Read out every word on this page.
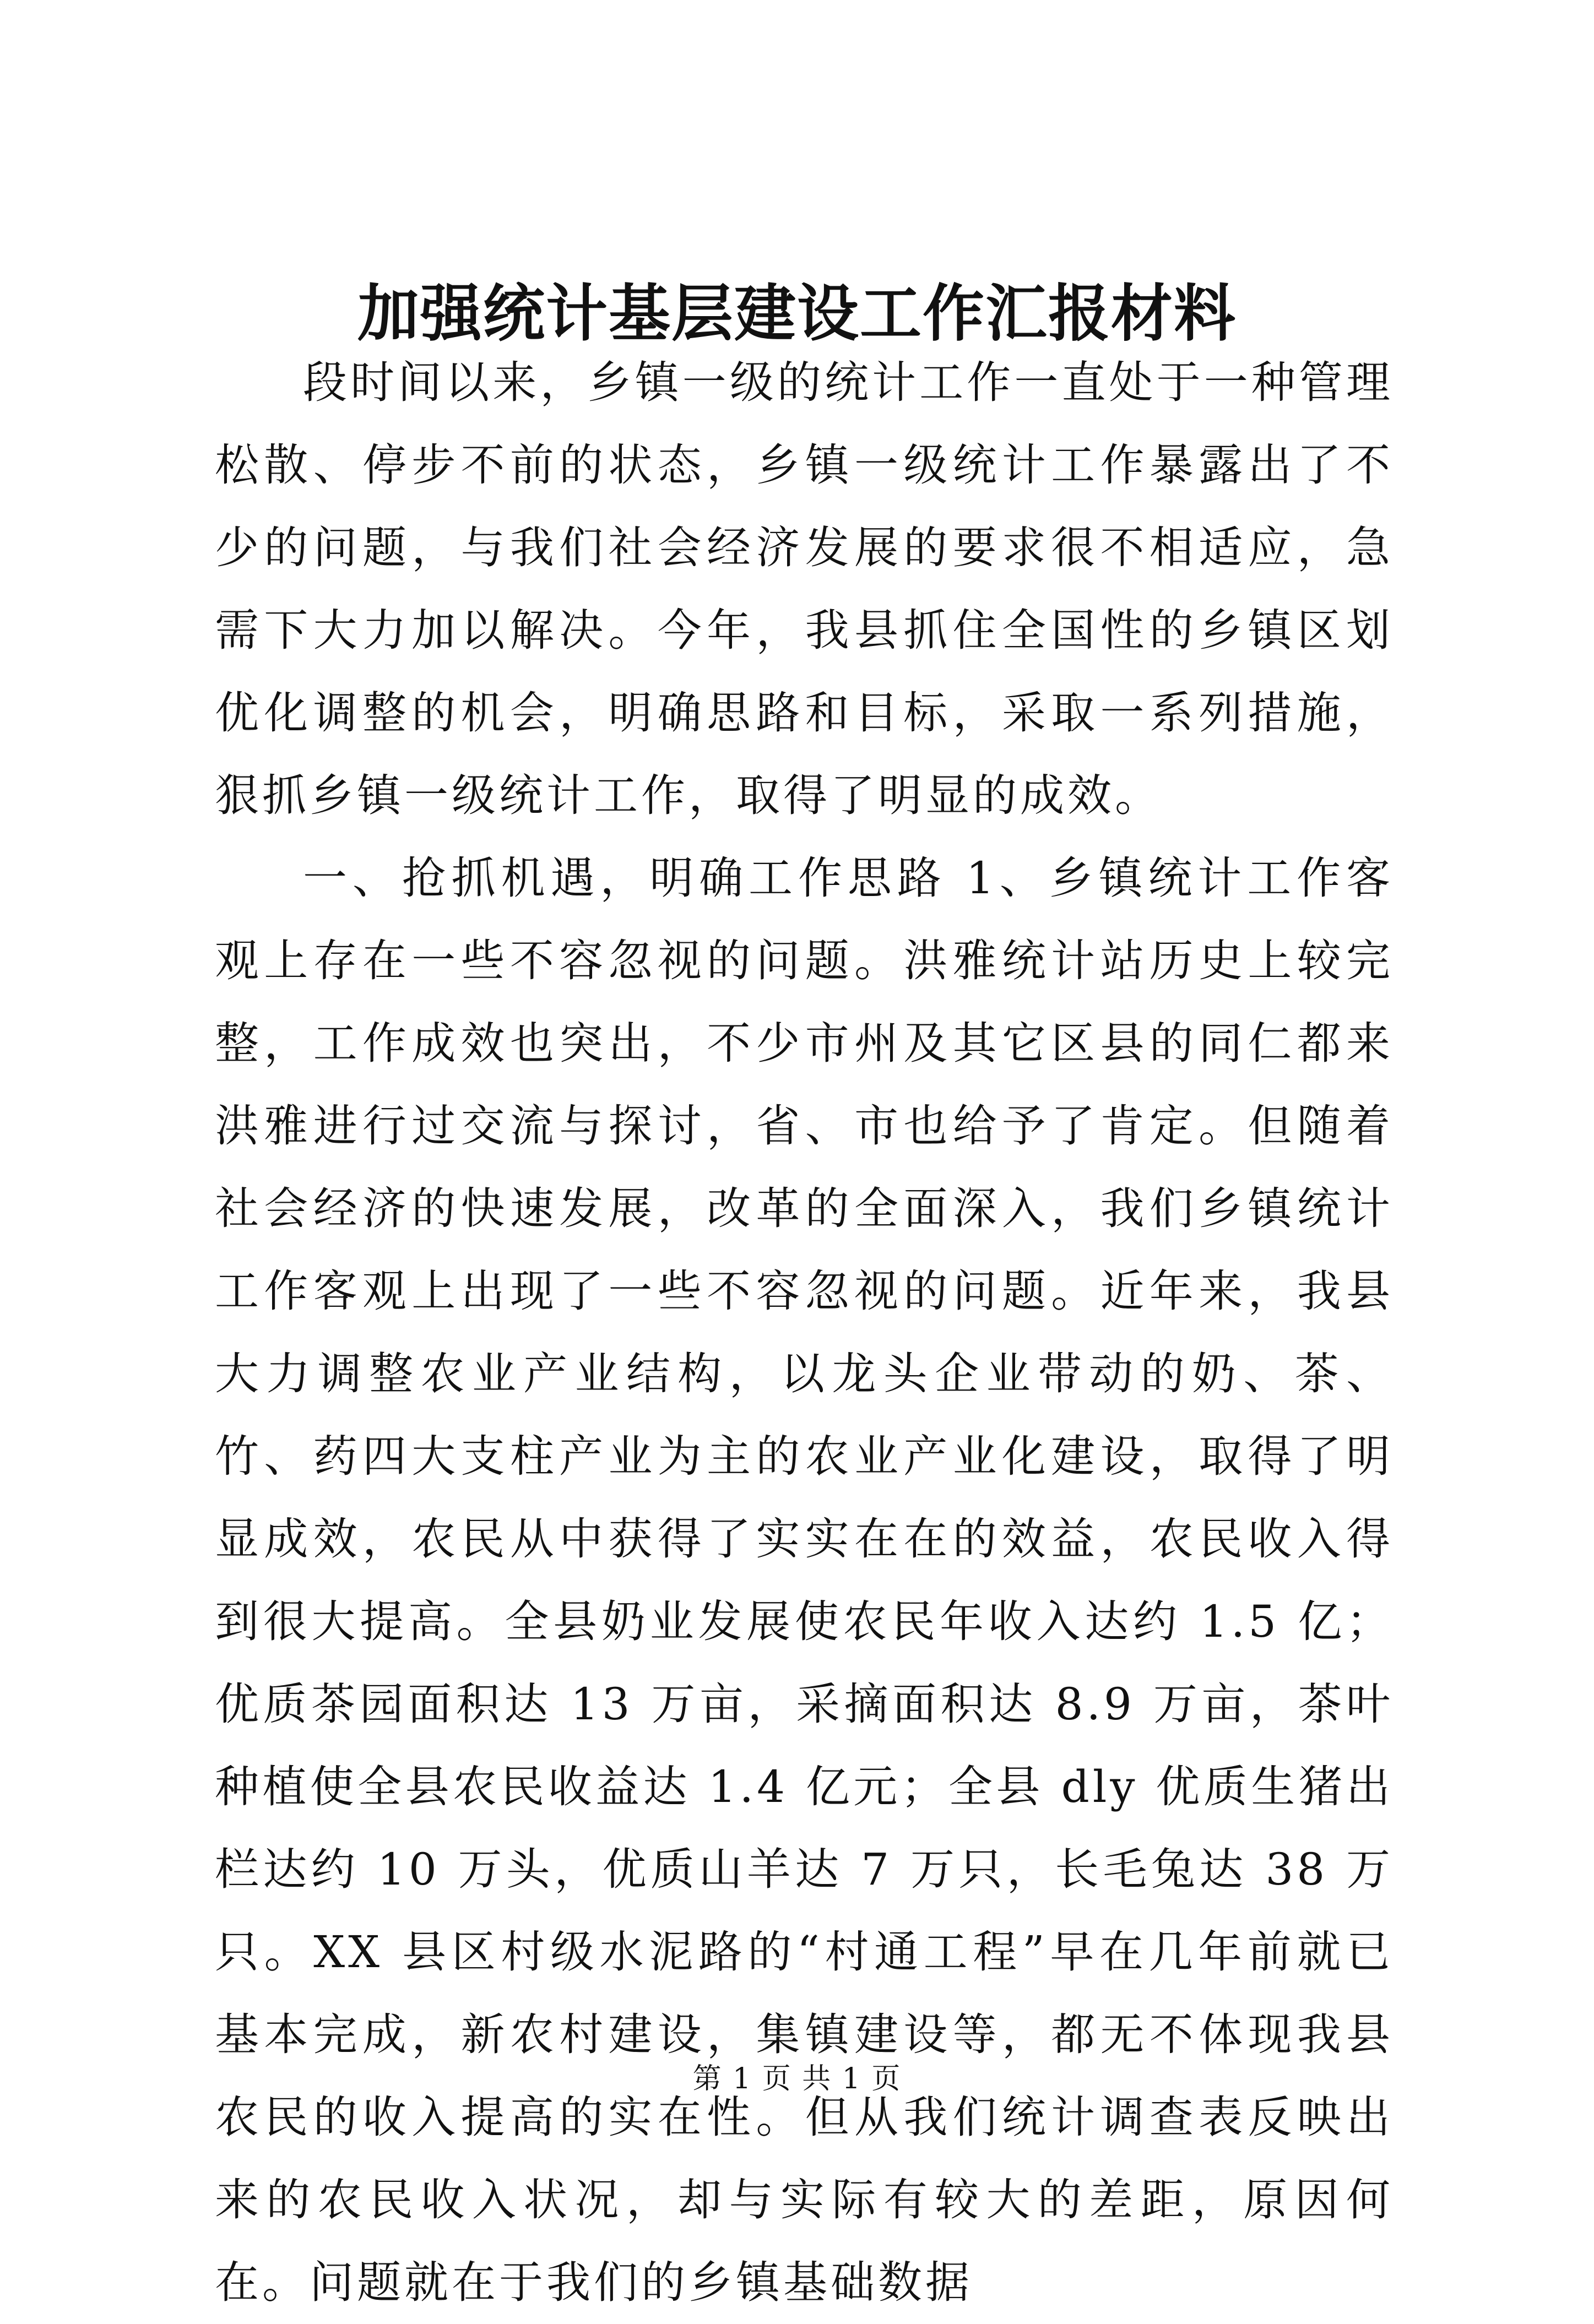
加强统计基层建设工作汇报材料

段时间以来，乡镇一级的统计工作一直处于一种管理松散、停步不前的状态，乡镇一级统计工作暴露出了不少的问题，与我们社会经济发展的要求很不相适应，急需下大力加以解决。今年，我县抓住全国性的乡镇区划优化调整的机会，明确思路和目标，采取一系列措施，狠抓乡镇一级统计工作，取得了明显的成效。

一、抢抓机遇，明确工作思路 1、乡镇统计工作客观上存在一些不容忽视的问题。洪雅统计站历史上较完整，工作成效也突出，不少市州及其它区县的同仁都来洪雅进行过交流与探讨，省、市也给予了肯定。但随着社会经济的快速发展，改革的全面深入，我们乡镇统计工作客观上出现了一些不容忽视的问题。近年来，我县大力调整农业产业结构，以龙头企业带动的奶、茶、竹、药四大支柱产业为主的农业产业化建设，取得了明显成效，农民从中获得了实实在在的效益，农民收入得到很大提高。全县奶业发展使农民年收入达约 1.5 亿；优质茶园面积达 13 万亩，采摘面积达 8.9 万亩，茶叶种植使全县农民收益达 1.4 亿元；全县 dly 优质生猪出栏达约 10 万头，优质山羊达 7 万只，长毛兔达 38 万只。XX 县区村级水泥路的“村通工程”早在几年前就已基本完成，新农村建设，集镇建设等，都无不体现我县农民的收入提高的实在性。但从我们统计调查表反映出来的农民收入状况，却与实际有较大的差距，原因何在。问题就在于我们的乡镇基础数据

第 1 页 共 1 页
